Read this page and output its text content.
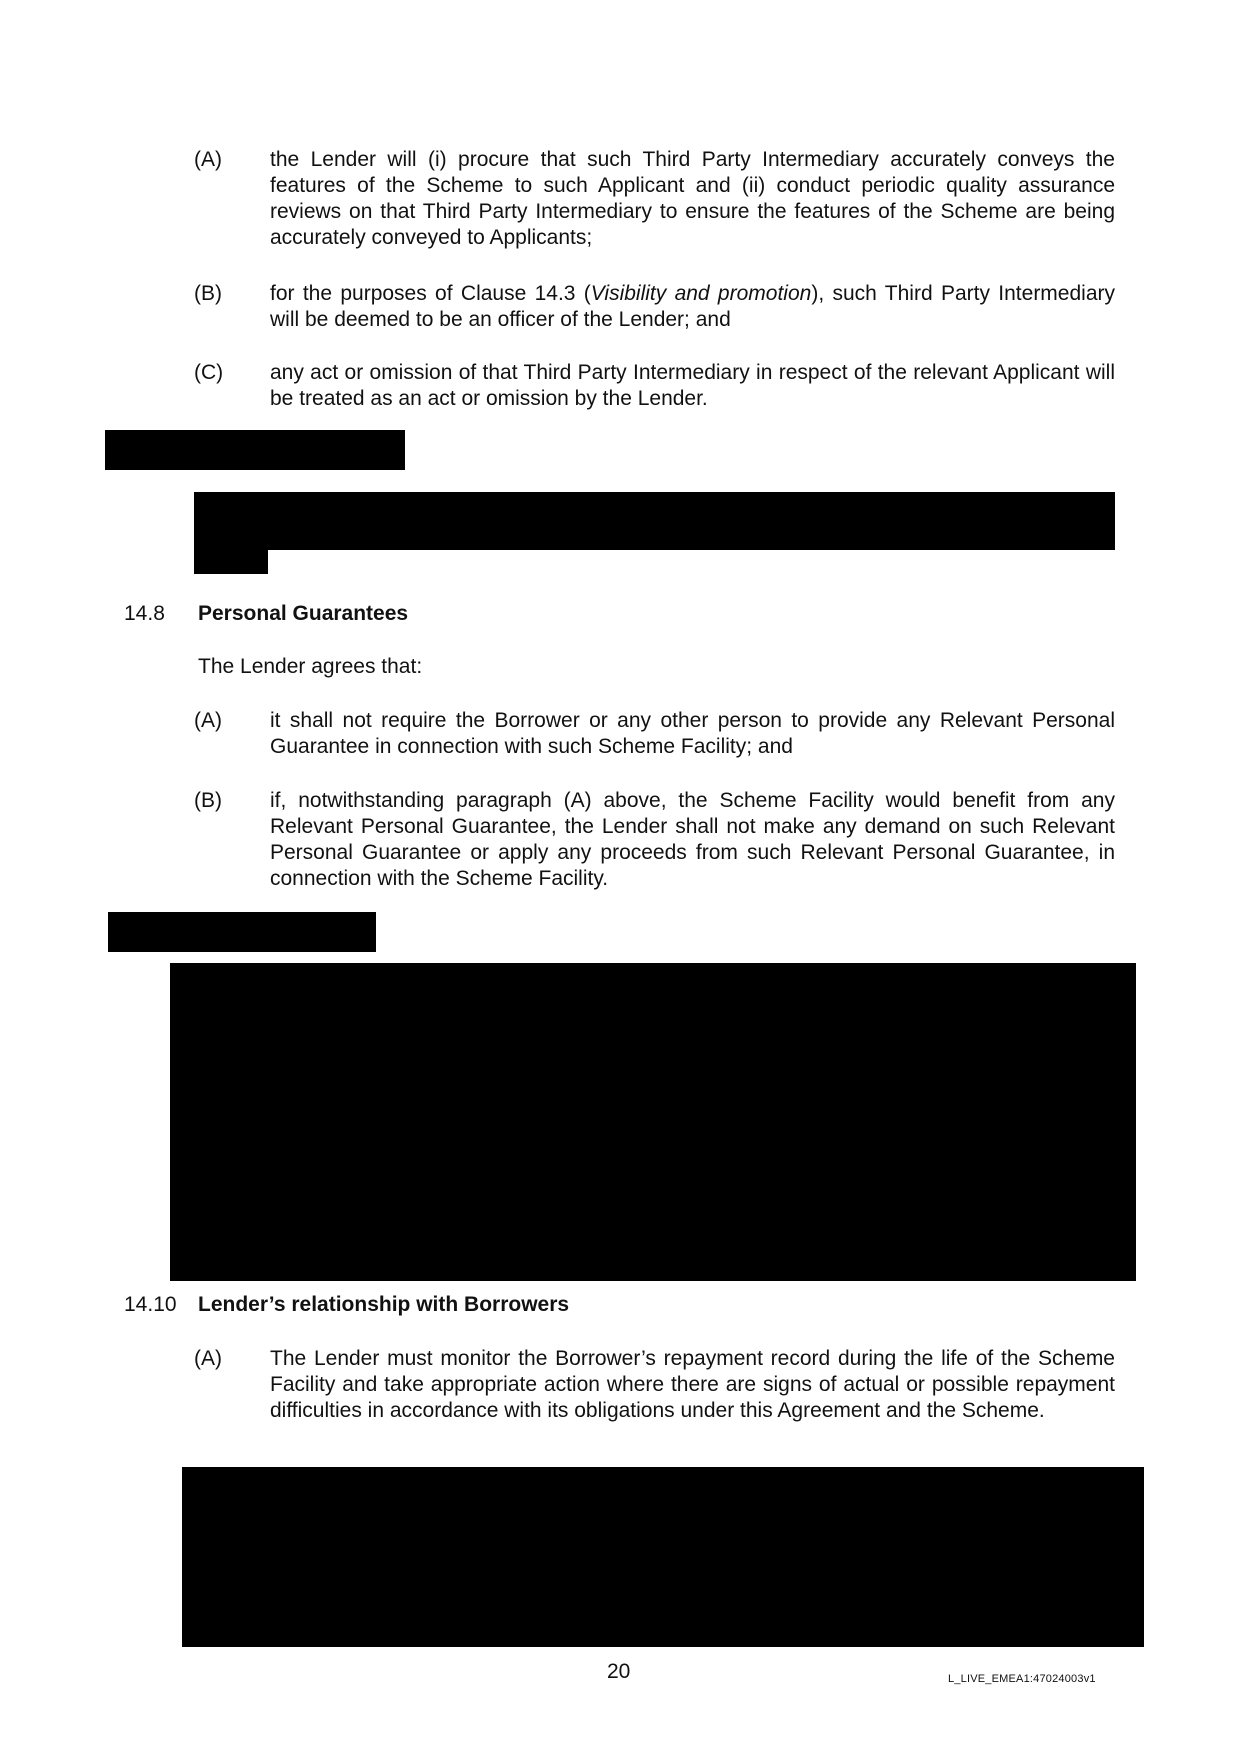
(A) the Lender will (i) procure that such Third Party Intermediary accurately conveys the features of the Scheme to such Applicant and (ii) conduct periodic quality assurance reviews on that Third Party Intermediary to ensure the features of the Scheme are being accurately conveyed to Applicants;
(B) for the purposes of Clause 14.3 (Visibility and promotion), such Third Party Intermediary will be deemed to be an officer of the Lender; and
(C) any act or omission of that Third Party Intermediary in respect of the relevant Applicant will be treated as an act or omission by the Lender.
14.8 Personal Guarantees
The Lender agrees that:
(A) it shall not require the Borrower or any other person to provide any Relevant Personal Guarantee in connection with such Scheme Facility; and
(B) if, notwithstanding paragraph (A) above, the Scheme Facility would benefit from any Relevant Personal Guarantee, the Lender shall not make any demand on such Relevant Personal Guarantee or apply any proceeds from such Relevant Personal Guarantee, in connection with the Scheme Facility.
14.10 Lender’s relationship with Borrowers
(A) The Lender must monitor the Borrower’s repayment record during the life of the Scheme Facility and take appropriate action where there are signs of actual or possible repayment difficulties in accordance with its obligations under this Agreement and the Scheme.
20	L_LIVE_EMEA1:47024003v1
